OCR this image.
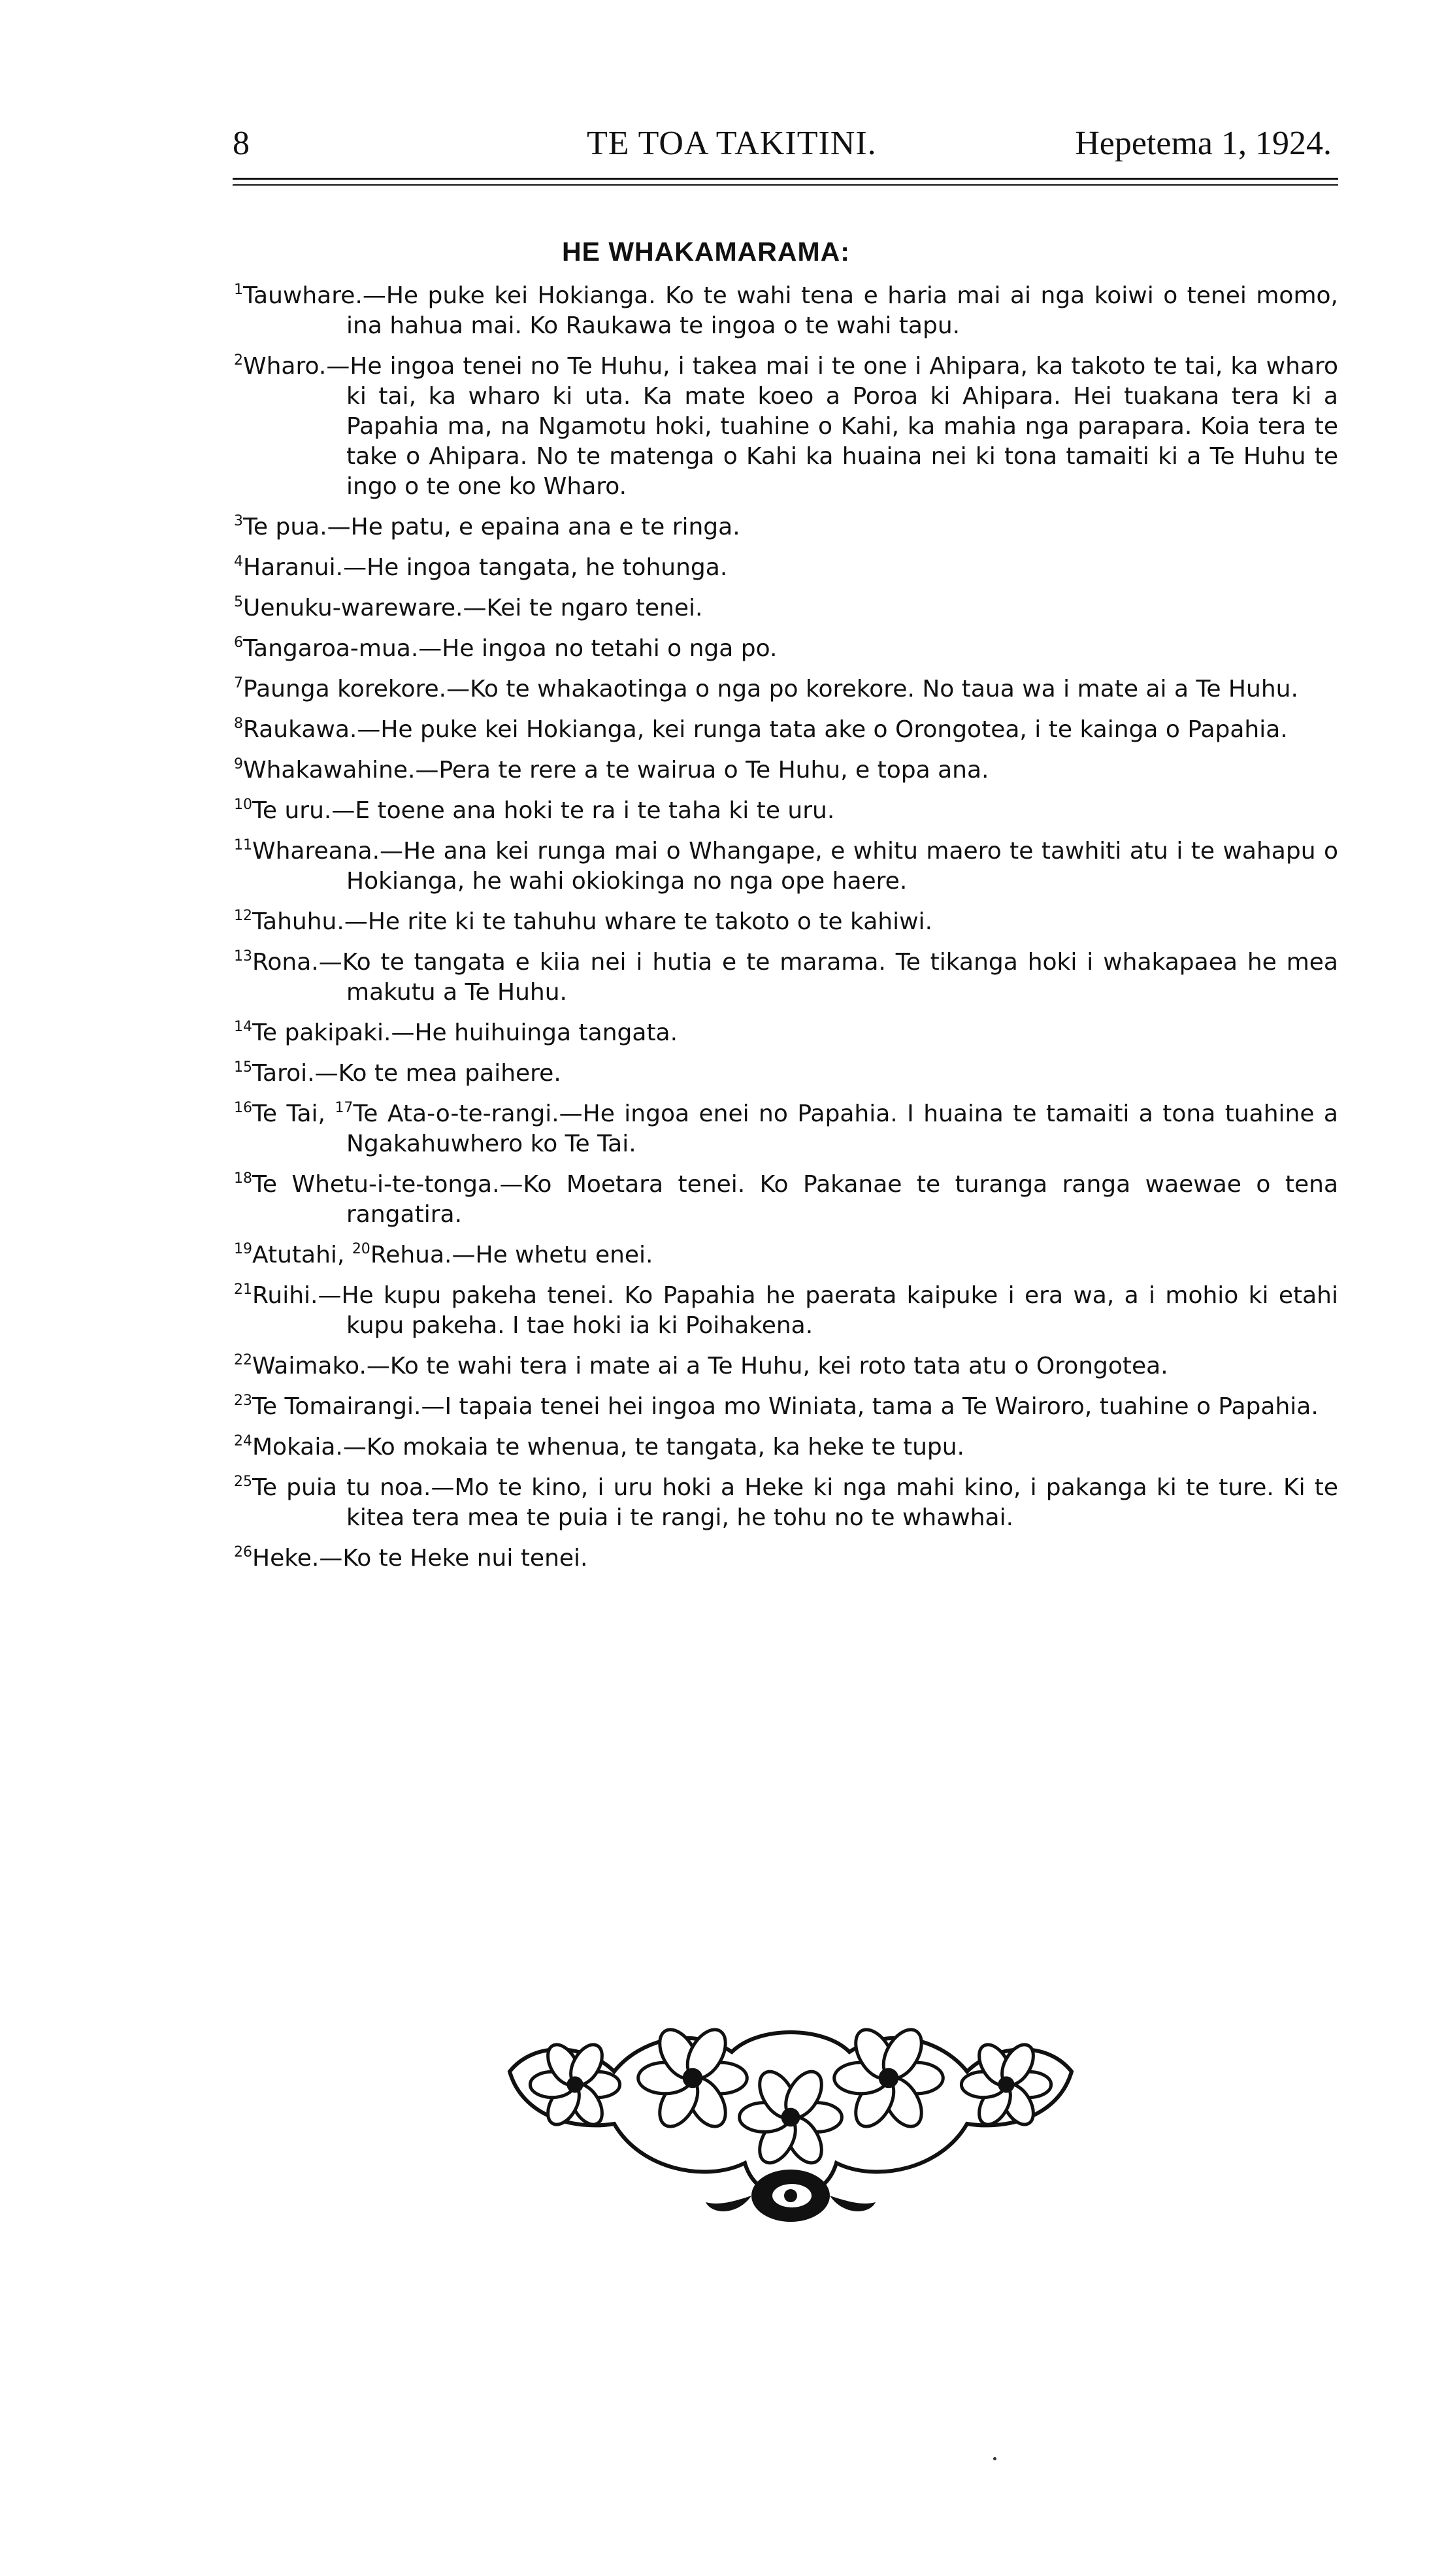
8	TE TOA TAKITINI.	Hepetema 1, 1924.
HE WHAKAMARAMA:
$^1$Tauwhare.—He puke kei Hokianga. Ko te wahi tena e haria mai ai nga koiwi o tenei momo, ina hahua mai. Ko Raukawa te ingoa o te wahi tapu.
$^2$Wharo.—He ingoa tenei no Te Huhu, i takea mai i te one i Ahipara, ka takoto te tai, ka wharo ki tai, ka wharo ki uta. Ka mate koeo a Poroa ki Ahipara. Hei tuakana tera ki a Papahia ma, na Ngamotu hoki, tuahine o Kahi, ka mahia nga parapara. Koia tera te take o Ahipara. No te matenga o Kahi ka huaina nei ki tona tamaiti ki a Te Huhu te ingo o te one ko Wharo.
$^3$Te pua.—He patu, e epaina ana e te ringa.
$^4$Haranui.—He ingoa tangata, he tohunga.
$^5$Uenuku-wareware.—Kei te ngaro tenei.
$^6$Tangaroa-mua.—He ingoa no tetahi o nga po.
$^7$Paunga korekore.—Ko te whakaotinga o nga po korekore. No taua wa i mate ai a Te Huhu.
$^8$Raukawa.—He puke kei Hokianga, kei runga tata ake o Orongotea, i te kainga o Papahia.
$^9$Whakawahine.—Pera te rere a te wairua o Te Huhu, e topa ana.
$^{10}$Te uru.—E toene ana hoki te ra i te taha ki te uru.
$^{11}$Whareana.—He ana kei runga mai o Whangape, e whitu maero te tawhiti atu i te wahapu o Hokianga, he wahi okiokinga no nga ope haere.
$^{12}$Tahuhu.—He rite ki te tahuhu whare te takoto o te kahiwi.
$^{13}$Rona.—Ko te tangata e kiia nei i hutia e te marama. Te tikanga hoki i whakapaea he mea makutu a Te Huhu.
$^{14}$Te pakipaki.—He huihuinga tangata.
$^{15}$Taroi.—Ko te mea paihere.
$^{16}$Te Tai, $^{17}$Te Ata-o-te-rangi.—He ingoa enei no Papahia. I huaina te tamaiti a tona tuahine a Ngakahuwhero ko Te Tai.
$^{18}$Te Whetu-i-te-tonga.—Ko Moetara tenei. Ko Pakanae te turanga ranga waewae o tena rangatira.
$^{19}$Atutahi, $^{20}$Rehua.—He whetu enei.
$^{21}$Ruihi.—He kupu pakeha tenei. Ko Papahia he paerata kaipuke i era wa, a i mohio ki etahi kupu pakeha. I tae hoki ia ki Poihakena.
$^{22}$Waimako.—Ko te wahi tera i mate ai a Te Huhu, kei roto tata atu o Orongotea.
$^{23}$Te Tomairangi.—I tapaia tenei hei ingoa mo Winiata, tama a Te Wairoro, tuahine o Papahia.
$^{24}$Mokaia.—Ko mokaia te whenua, te tangata, ka heke te tupu.
$^{25}$Te puia tu noa.—Mo te kino, i uru hoki a Heke ki nga mahi kino, i pakanga ki te ture. Ki te kitea tera mea te puia i te rangi, he tohu no te whawhai.
$^{26}$Heke.—Ko te Heke nui tenei.
